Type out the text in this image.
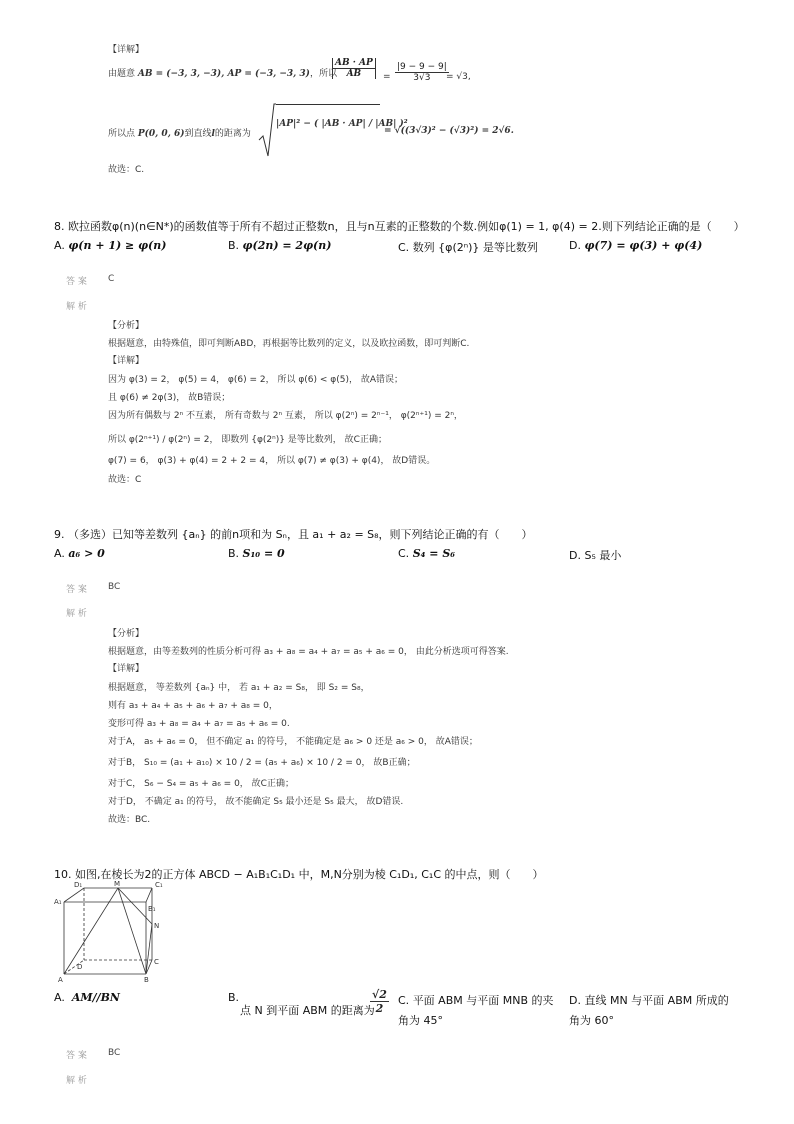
【详解】
由题意 AB = (−3, 3, −3), AP = (−3, −3, 3)，所以
$\frac{AB \cdot AP}{AB} = \frac{|9 - 9 - 9|}{3√3}$
= √3,
所以点 P(0, 0, 6)到直线l的距离为
|AP|² − ( |AB · AP| / |AB| )²
= √((3√3)² − (√3)²) = 2√6.
故选：C.
8. 欧拉函数φ(n)(n∈N*)的函数值等于所有不超过正整数n，且与n互素的正整数的个数.例如φ(1) = 1, φ(4) = 2.则下列结论正确的是（　　）
A. φ(n + 1) ≥ φ(n)	B. φ(2n) = 2φ(n)	C. 数列 {φ(2ⁿ)} 是等比数列	D. φ(7) = φ(3) + φ(4)
答 案 C
解 析
【分析】
根据题意，由特殊值，即可判断ABD，再根据等比数列的定义，以及欧拉函数，即可判断C.
【详解】
因为 φ(3) = 2， φ(5) = 4， φ(6) = 2， 所以 φ(6) < φ(5)， 故A错误；
且 φ(6) ≠ 2φ(3)， 故B错误；
因为所有偶数与 2ⁿ 不互素， 所有奇数与 2ⁿ 互素， 所以 φ(2ⁿ) = 2ⁿ⁻¹， φ(2ⁿ⁺¹) = 2ⁿ，
所以 φ(2ⁿ⁺¹) / φ(2ⁿ) = 2， 即数列 {φ(2ⁿ)} 是等比数列， 故C正确；
φ(7) = 6， φ(3) + φ(4) = 2 + 2 = 4， 所以 φ(7) ≠ φ(3) + φ(4)， 故D错误。
故选：C
9. （多选）已知等差数列 {aₙ} 的前n项和为 Sₙ，且 a₁ + a₂ = S₈，则下列结论正确的有（　　）
A. a₆ > 0	B. S₁₀ = 0	C. S₄ = S₆	D. S₅ 最小
答 案 BC
解 析
【分析】
根据题意，由等差数列的性质分析可得 a₃ + a₈ = a₄ + a₇ = a₅ + a₆ = 0， 由此分析选项可得答案.
【详解】
根据题意， 等差数列 {aₙ} 中， 若 a₁ + a₂ = S₈， 即 S₂ = S₈，
则有 a₃ + a₄ + a₅ + a₆ + a₇ + a₈ = 0，
变形可得 a₃ + a₈ = a₄ + a₇ = a₅ + a₆ = 0.
对于A， a₅ + a₆ = 0， 但不确定 a₁ 的符号， 不能确定是 a₆ > 0 还是 a₆ > 0， 故A错误；
对于B， S₁₀ = (a₁ + a₁₀) × 10 / 2 = (a₅ + a₆) × 10 / 2 = 0， 故B正确；
对于C， S₆ − S₄ = a₅ + a₆ = 0， 故C正确；
对于D， 不确定 a₁ 的符号， 故不能确定 S₅ 最小还是 S₅ 最大， 故D错误.
故选：BC.
10. 如图,在棱长为2的正方体 ABCD − A₁B₁C₁D₁ 中，M,N分别为棱 C₁D₁, C₁C 的中点，则（　　）
D₁	M	C₁
A₁
B₁
N
D
C
A	B
A. AM//BN	B.
点 N 到平面 ABM 的距离为
$\frac{√2}{2} C$. 平面 ABM 与平面 MNB 的夹角为 45°
D. 直线 MN 与平面 ABM 所成的角为 60°
答 案 BC
解 析
